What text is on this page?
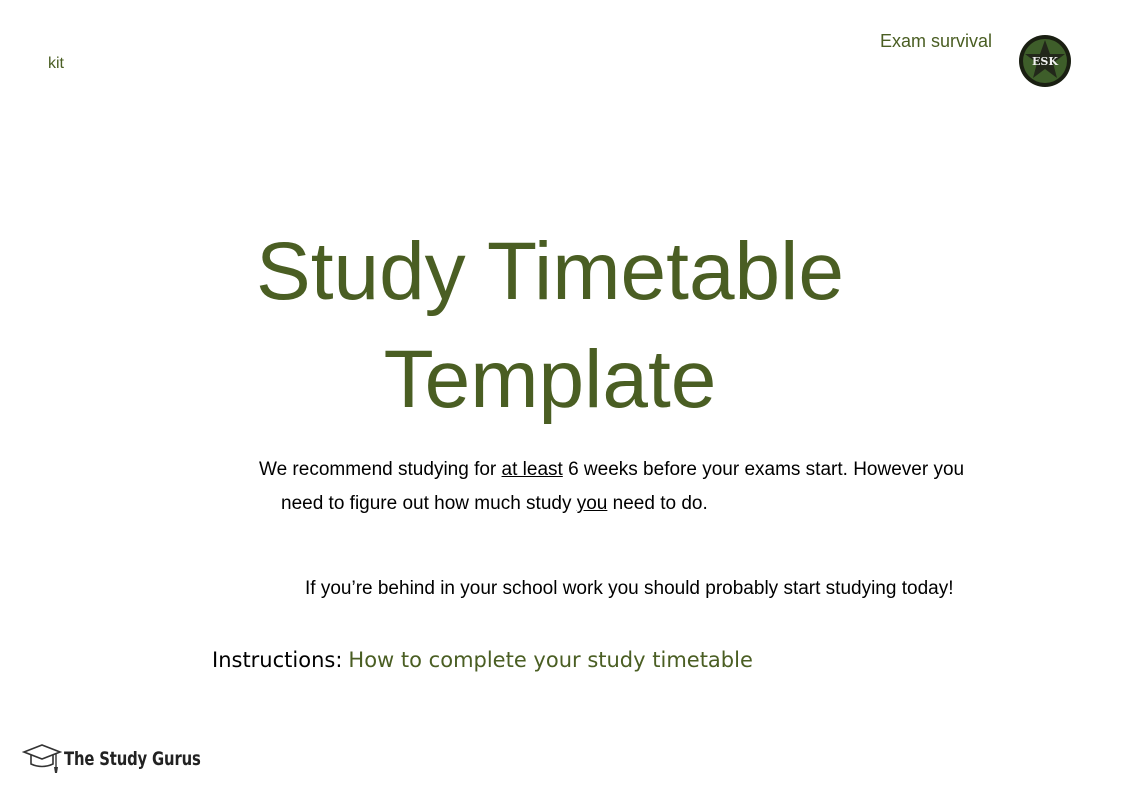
kit
Exam survival
ESK
Study Timetable
Template
We recommend studying for at least 6 weeks before your exams start. However you
need to figure out how much study you need to do.
If you’re behind in your school work you should probably start studying today!
Instructions: How to complete your study timetable
The Study Gurus
